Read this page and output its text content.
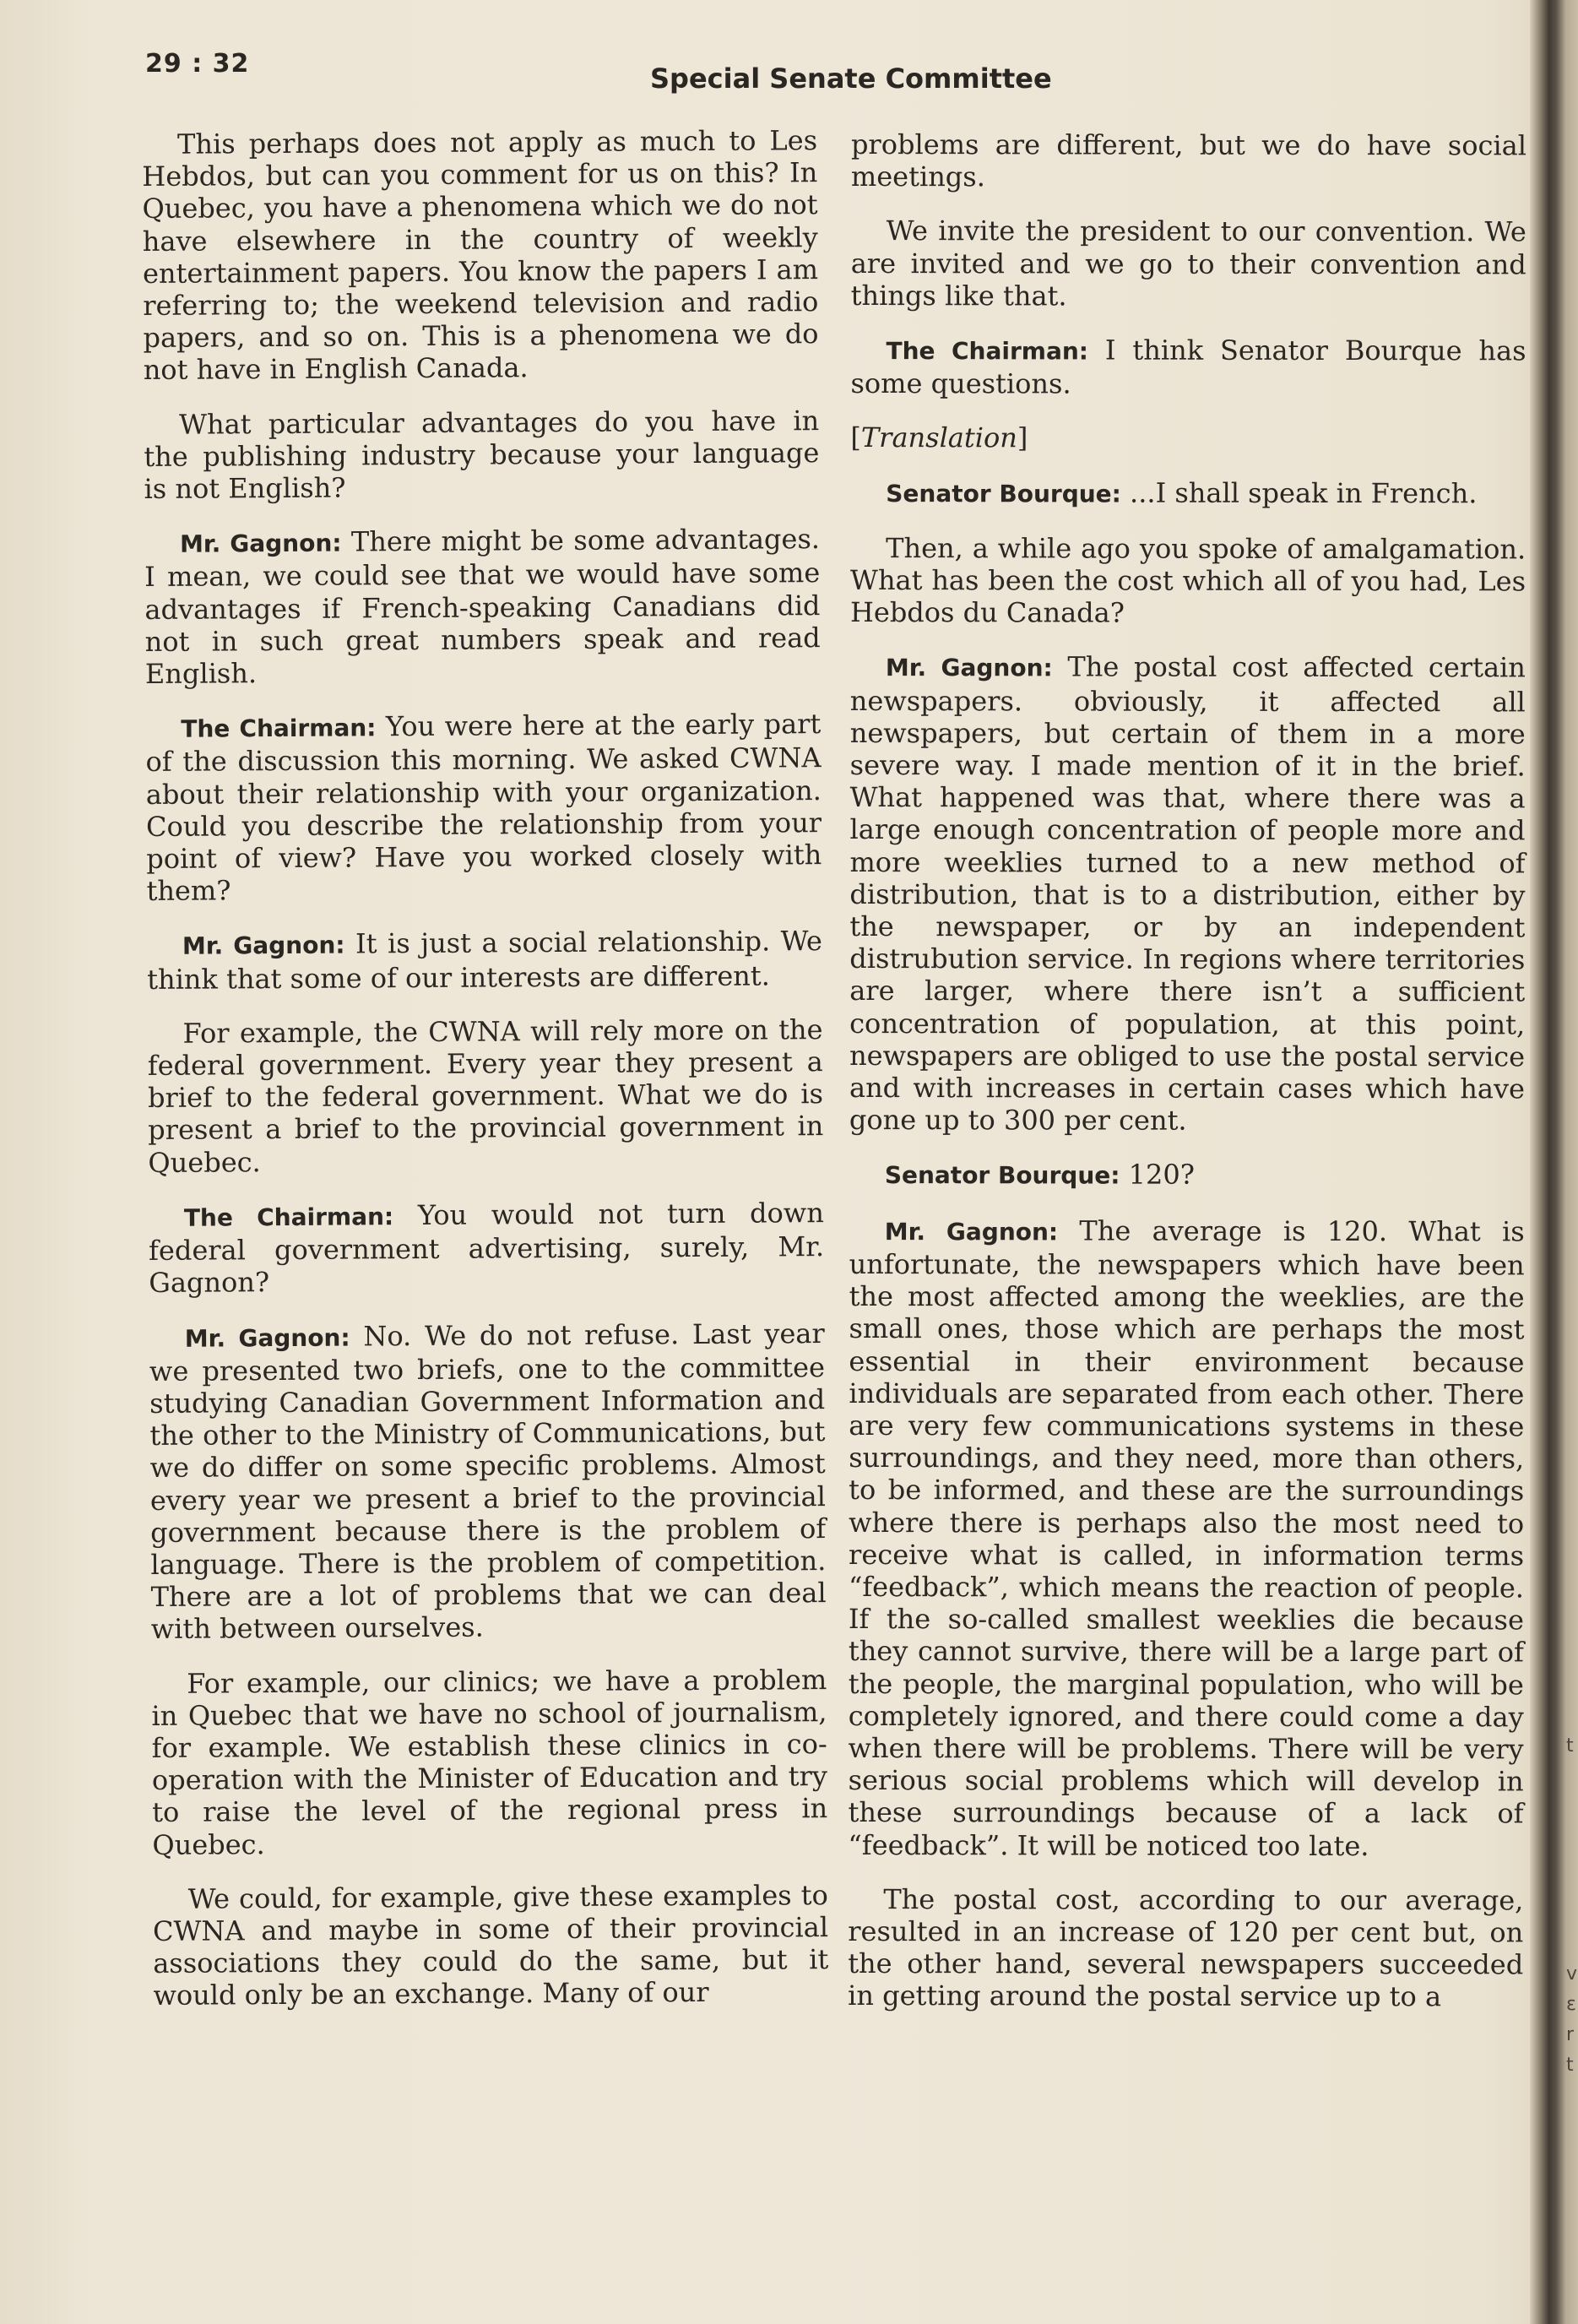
29 : 32	Special Senate Committee

This perhaps does not apply as much to Les Hebdos, but can you comment for us on this? In Quebec, you have a phenomena which we do not have elsewhere in the country of weekly entertainment papers. You know the papers I am referring to; the weekend television and radio papers, and so on. This is a phenomena we do not have in English Canada.

What particular advantages do you have in the publishing industry because your language is not English?

Mr. Gagnon: There might be some advantages. I mean, we could see that we would have some advantages if French-speaking Canadians did not in such great numbers speak and read English.

The Chairman: You were here at the early part of the discussion this morning. We asked CWNA about their relationship with your organization. Could you describe the relationship from your point of view? Have you worked closely with them?

Mr. Gagnon: It is just a social relationship. We think that some of our interests are different.

For example, the CWNA will rely more on the federal government. Every year they present a brief to the federal government. What we do is present a brief to the provincial government in Quebec.

The Chairman: You would not turn down federal government advertising, surely, Mr. Gagnon?

Mr. Gagnon: No. We do not refuse. Last year we presented two briefs, one to the committee studying Canadian Government Information and the other to the Ministry of Communications, but we do differ on some specific problems. Almost every year we present a brief to the provincial government because there is the problem of language. There is the problem of competition. There are a lot of problems that we can deal with between ourselves.

For example, our clinics; we have a problem in Quebec that we have no school of journalism, for example. We establish these clinics in co-operation with the Minister of Education and try to raise the level of the regional press in Quebec.

We could, for example, give these examples to CWNA and maybe in some of their provincial associations they could do the same, but it would only be an exchange. Many of our

problems are different, but we do have social meetings.

We invite the president to our convention. We are invited and we go to their convention and things like that.

The Chairman: I think Senator Bourque has some questions.

[Translation]

Senator Bourque: ...I shall speak in French.

Then, a while ago you spoke of amalgamation. What has been the cost which all of you had, Les Hebdos du Canada?

Mr. Gagnon: The postal cost affected certain newspapers. obviously, it affected all newspapers, but certain of them in a more severe way. I made mention of it in the brief. What happened was that, where there was a large enough concentration of people more and more weeklies turned to a new method of distribution, that is to a distribution, either by the newspaper, or by an independent distrubution service. In regions where territories are larger, where there isn’t a sufficient concentration of population, at this point, newspapers are obliged to use the postal service and with increases in certain cases which have gone up to 300 per cent.

Senator Bourque: 120?

Mr. Gagnon: The average is 120. What is unfortunate, the newspapers which have been the most affected among the weeklies, are the small ones, those which are perhaps the most essential in their environment because individuals are separated from each other. There are very few communications systems in these surroundings, and they need, more than others, to be informed, and these are the surroundings where there is perhaps also the most need to receive what is called, in information terms “feedback”, which means the reaction of people. If the so-called smallest weeklies die because they cannot survive, there will be a large part of the people, the marginal population, who will be completely ignored, and there could come a day when there will be problems. There will be very serious social problems which will develop in these surroundings because of a lack of “feedback”. It will be noticed too late.

The postal cost, according to our average, resulted in an increase of 120 per cent but, on the other hand, several newspapers succeeded in getting around the postal service up to a

t
v
ε
r
t
